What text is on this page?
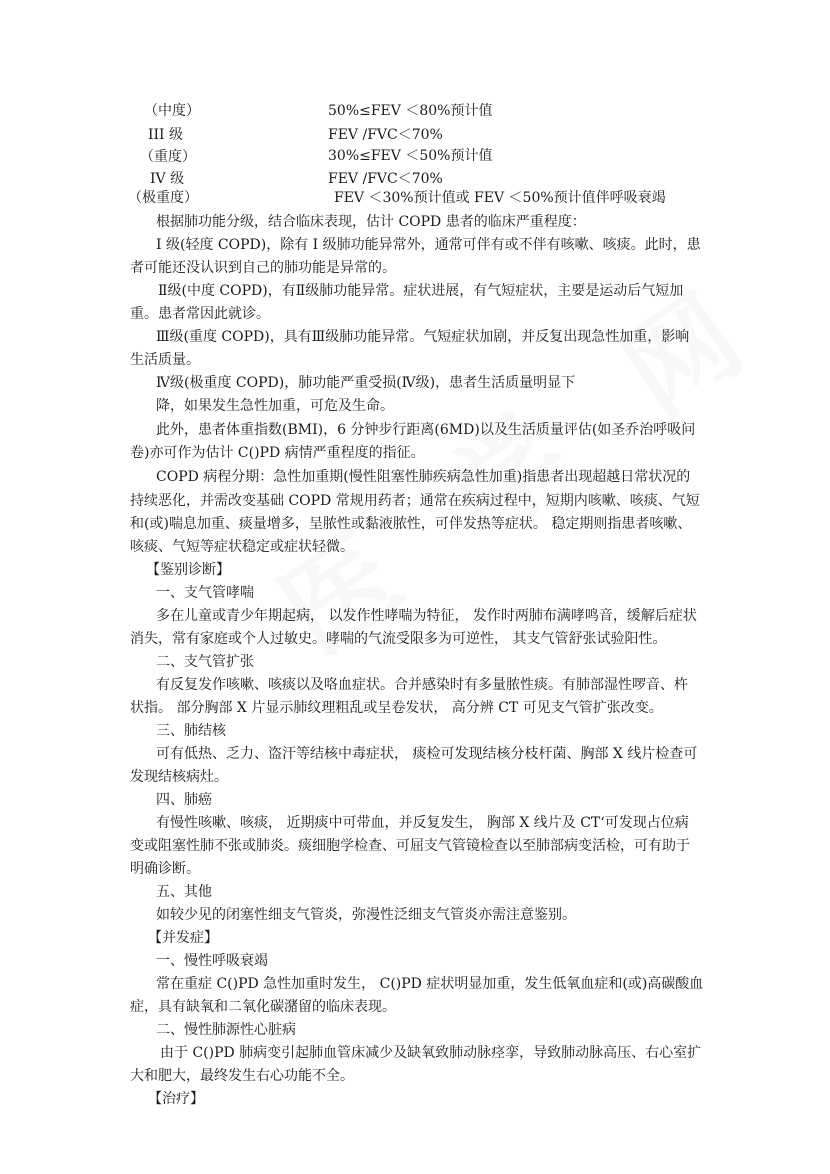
（中度）	50%≤FEV ＜80%预计值
III 级	FEV /FVC＜70%
（重度）	30%≤FEV ＜50%预计值
IV 级	FEV /FVC＜70%
（极重度）	FEV ＜30%预计值或 FEV ＜50%预计值伴呼吸衰竭
根据肺功能分级，结合临床表现，估计 COPD 患者的临床严重程度：
I 级(轻度 COPD)，除有 I 级肺功能异常外，通常可伴有或不伴有咳嗽、咳痰。此时，患
者可能还没认识到自己的肺功能是异常的。
Ⅱ级(中度 COPD)，有Ⅱ级肺功能异常。症状进展，有气短症状，主要是运动后气短加
重。患者常因此就诊。
Ⅲ级(重度 COPD)，具有Ⅲ级肺功能异常。气短症状加剧，并反复出现急性加重，影响
生活质量。
Ⅳ级(极重度 COPD)，肺功能严重受损(Ⅳ级)，患者生活质量明显下
降，如果发生急性加重，可危及生命。
此外，患者体重指数(BMI)，6 分钟步行距离(6MD)以及生活质量评估(如圣乔治呼吸问
卷)亦可作为估计 C()PD 病情严重程度的指征。
COPD 病程分期：急性加重期(慢性阻塞性肺疾病急性加重)指患者出现超越日常状况的
持续恶化，并需改变基础 COPD 常规用药者；通常在疾病过程中，短期内咳嗽、咳痰、气短
和(或)喘息加重、痰量增多，呈脓性或黏液脓性，可伴发热等症状。 稳定期则指患者咳嗽、
咳痰、气短等症状稳定或症状轻微。
【鉴别诊断】
一、支气管哮喘
多在儿童或青少年期起病， 以发作性哮喘为特征， 发作时两肺布满哮鸣音，缓解后症状
消失，常有家庭或个人过敏史。哮喘的气流受限多为可逆性， 其支气管舒张试验阳性。
二、支气管扩张
有反复发作咳嗽、咳痰以及咯血症状。合并感染时有多量脓性痰。有肺部湿性啰音、杵
状指。 部分胸部 X 片显示肺纹理粗乱或呈卷发状， 高分辨 CT 可见支气管扩张改变。
三、肺结核
可有低热、乏力、盗汗等结核中毒症状， 痰检可发现结核分枝杆菌、胸部 X 线片检查可
发现结核病灶。
四、肺癌
有慢性咳嗽、咳痰， 近期痰中可带血，并反复发生， 胸部 X 线片及 CT‘可发现占位病
变或阻塞性肺不张或肺炎。痰细胞学检查、可屈支气管镜检查以至肺部病变活检，可有助于
明确诊断。
五、其他
如较少见的闭塞性细支气管炎，弥漫性泛细支气管炎亦需注意鉴别。
【并发症】
一、慢性呼吸衰竭
常在重症 C()PD 急性加重时发生， C()PD 症状明显加重，发生低氧血症和(或)高碳酸血
症，具有缺氧和二氧化碳潴留的临床表现。
二、慢性肺源性心脏病
由于 C()PD 肺病变引起肺血管床减少及缺氧致肺动脉痉挛，导致肺动脉高压、右心室扩
大和肥大，最终发生右心功能不全。
【治疗】
